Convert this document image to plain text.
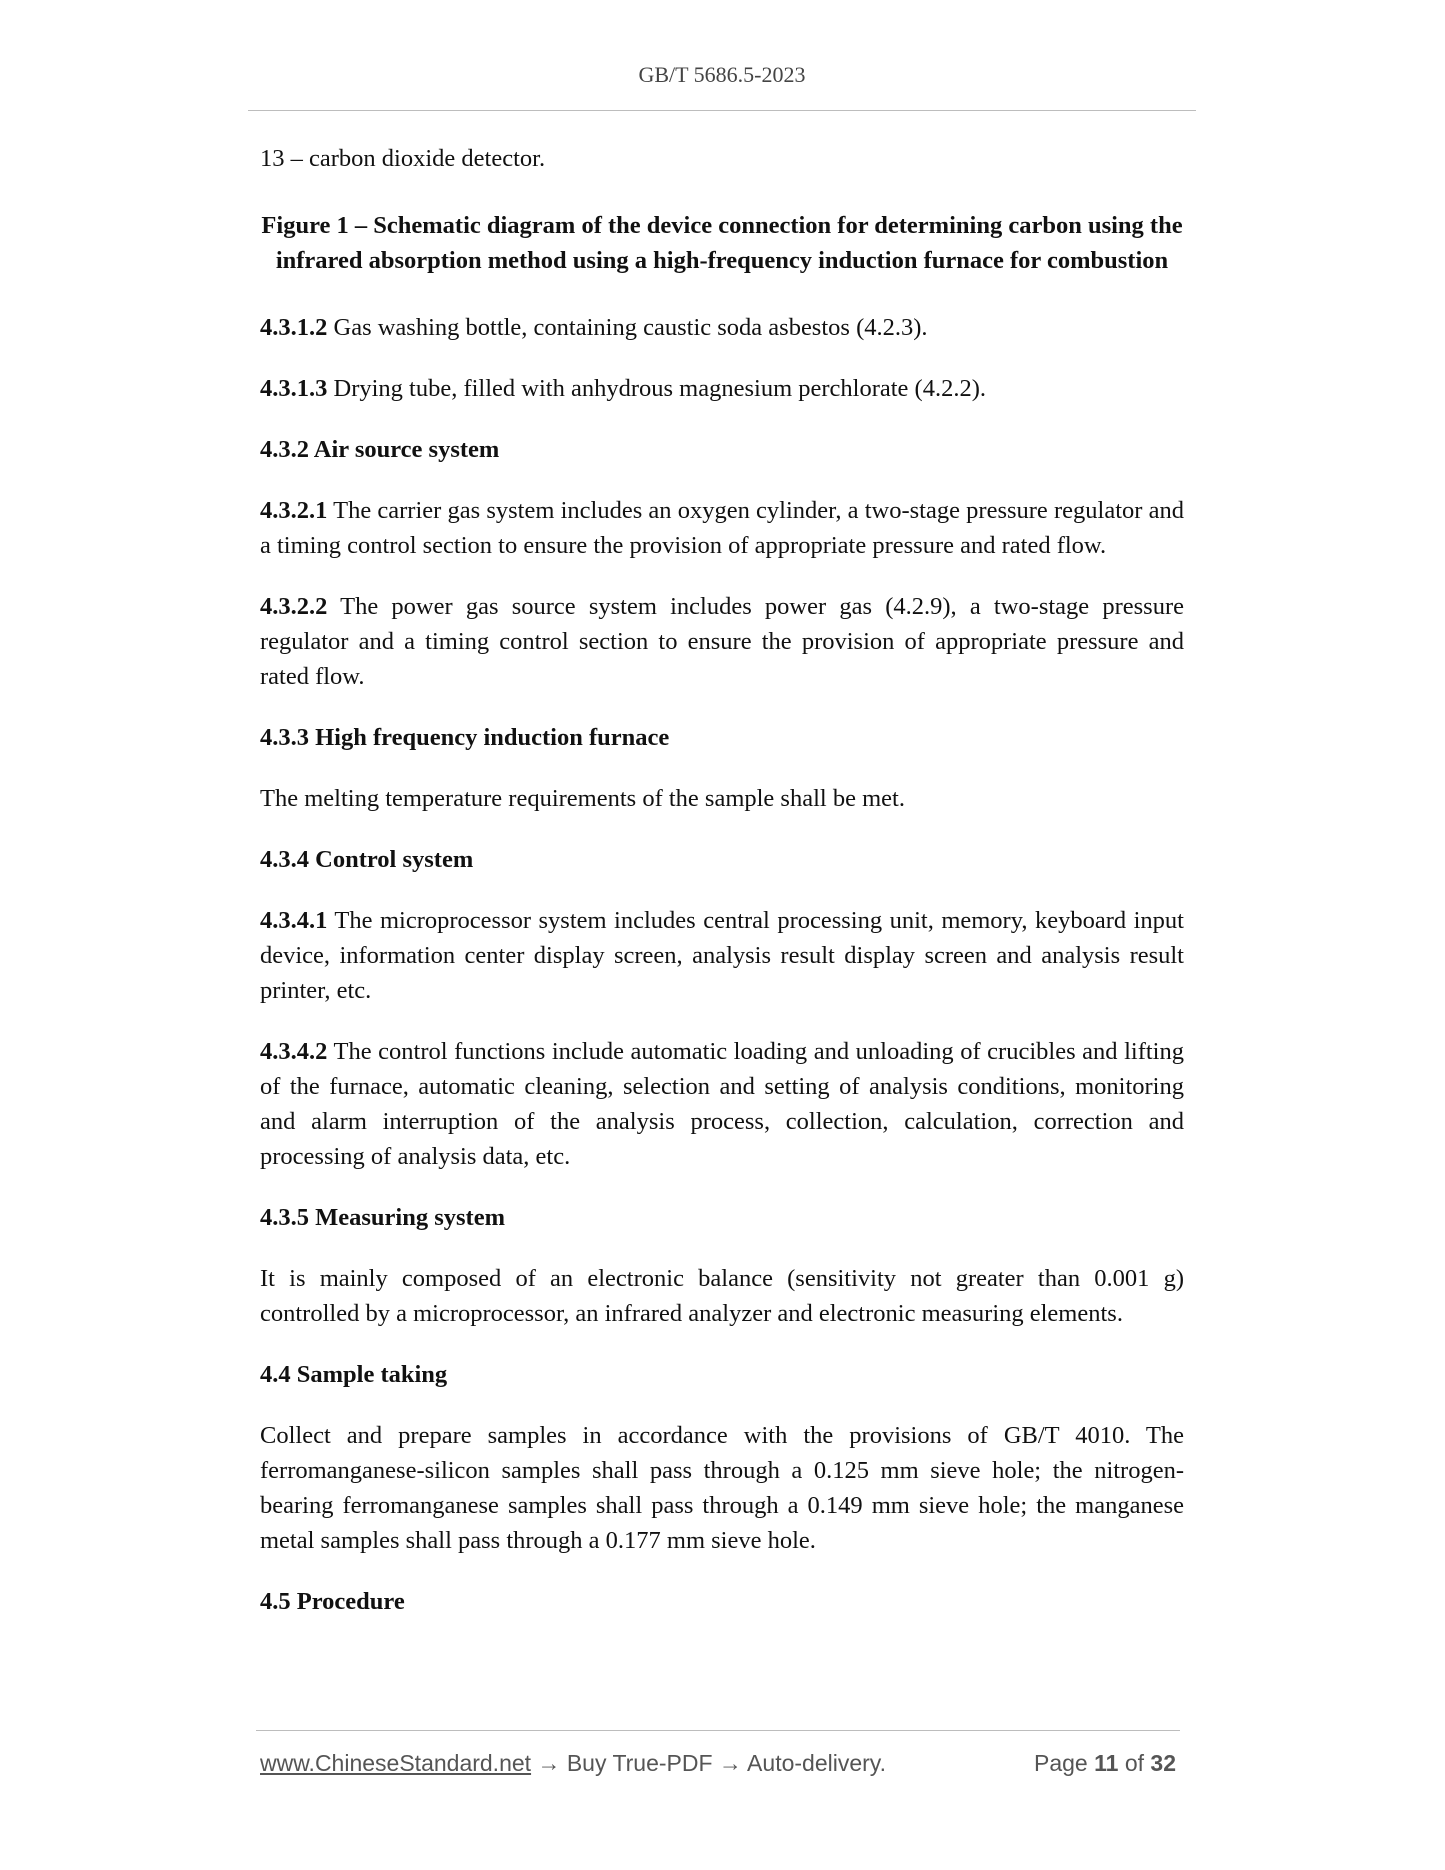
GB/T 5686.5-2023

13 – carbon dioxide detector.

Figure 1 – Schematic diagram of the device connection for determining carbon using the infrared absorption method using a high-frequency induction furnace for combustion

4.3.1.2 Gas washing bottle, containing caustic soda asbestos (4.2.3).

4.3.1.3 Drying tube, filled with anhydrous magnesium perchlorate (4.2.2).

4.3.2 Air source system

4.3.2.1 The carrier gas system includes an oxygen cylinder, a two-stage pressure regulator and a timing control section to ensure the provision of appropriate pressure and rated flow.

4.3.2.2 The power gas source system includes power gas (4.2.9), a two-stage pressure regulator and a timing control section to ensure the provision of appropriate pressure and rated flow.

4.3.3 High frequency induction furnace

The melting temperature requirements of the sample shall be met.

4.3.4 Control system

4.3.4.1 The microprocessor system includes central processing unit, memory, keyboard input device, information center display screen, analysis result display screen and analysis result printer, etc.

4.3.4.2 The control functions include automatic loading and unloading of crucibles and lifting of the furnace, automatic cleaning, selection and setting of analysis conditions, monitoring and alarm interruption of the analysis process, collection, calculation, correction and processing of analysis data, etc.

4.3.5 Measuring system

It is mainly composed of an electronic balance (sensitivity not greater than 0.001 g) controlled by a microprocessor, an infrared analyzer and electronic measuring elements.

4.4 Sample taking

Collect and prepare samples in accordance with the provisions of GB/T 4010. The ferromanganese-silicon samples shall pass through a 0.125 mm sieve hole; the nitrogen-bearing ferromanganese samples shall pass through a 0.149 mm sieve hole; the manganese metal samples shall pass through a 0.177 mm sieve hole.

4.5 Procedure

www.ChineseStandard.net → Buy True-PDF → Auto-delivery.	Page 11 of 32
